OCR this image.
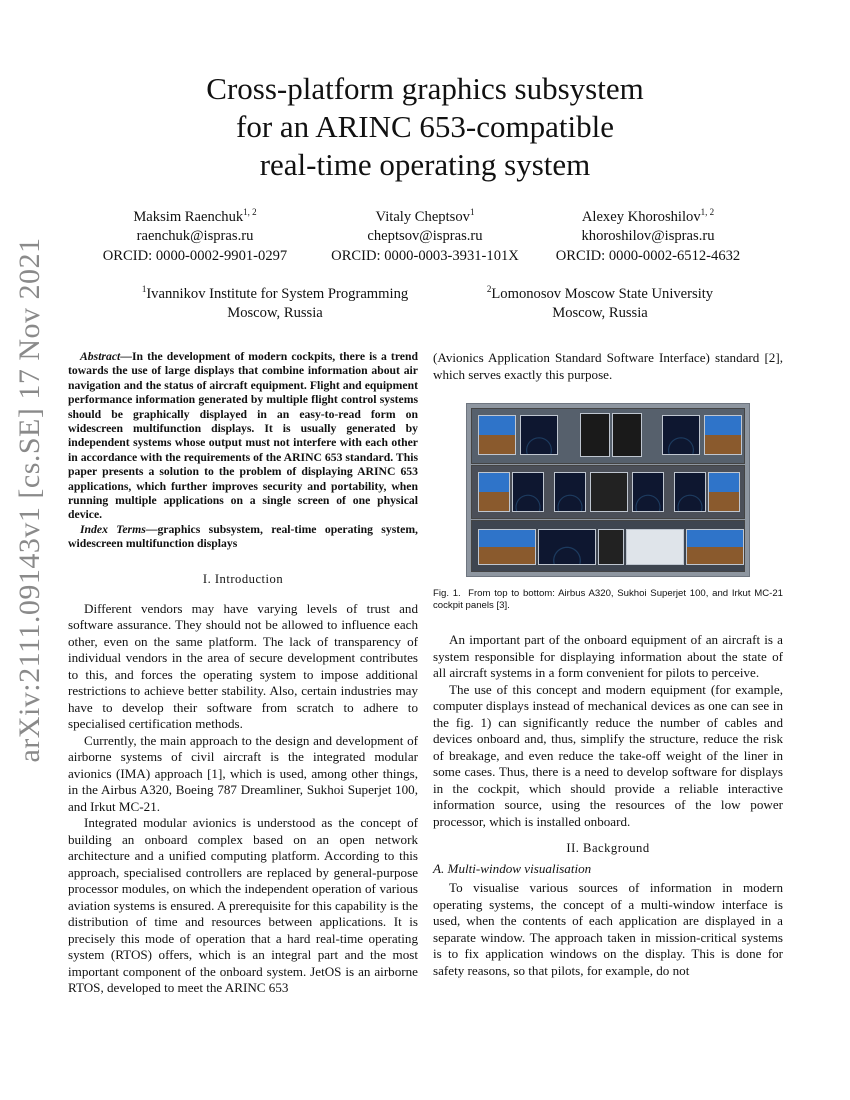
arXiv:2111.09143v1 [cs.SE] 17 Nov 2021
Cross-platform graphics subsystem
for an ARINC 653-compatible
real-time operating system
Maksim Raenchuk$^{1, 2}$
raenchuk@ispras.ru
ORCID: 0000-0002-9901-0297
Vitaly Cheptsov$^1$
cheptsov@ispras.ru
ORCID: 0000-0003-3931-101X
Alexey Khoroshilov$^{1, 2}$
khoroshilov@ispras.ru
ORCID: 0000-0002-6512-4632
$^1$Ivannikov Institute for System Programming
Moscow, Russia
$^2$Lomonosov Moscow State University
Moscow, Russia

Abstract—In the development of modern cockpits, there is a trend towards the use of large displays that combine information about air navigation and the status of aircraft equipment. Flight and equipment performance information generated by multiple flight control systems should be graphically displayed in an easy-to-read form on widescreen multifunction displays. It is usually generated by independent systems whose output must not interfere with each other in accordance with the requirements of the ARINC 653 standard. This paper presents a solution to the problem of displaying ARINC 653 applications, which further improves security and portability, when running multiple applications on a single screen of one physical device.

Index Terms—graphics subsystem, real-time operating system, widescreen multifunction displays

I. Introduction

Different vendors may have varying levels of trust and software assurance. They should not be allowed to influence each other, even on the same platform. The lack of transparency of individual vendors in the area of secure development contributes to this, and forces the operating system to impose additional restrictions to achieve better stability. Also, certain industries may have to develop their software from scratch to adhere to specialised certification methods.

Currently, the main approach to the design and development of airborne systems of civil aircraft is the integrated modular avionics (IMA) approach [1], which is used, among other things, in the Airbus A320, Boeing 787 Dreamliner, Sukhoi Superjet 100, and Irkut MC-21.

Integrated modular avionics is understood as the concept of building an onboard complex based on an open network architecture and a unified computing platform. According to this approach, specialised controllers are replaced by general-purpose processor modules, on which the independent operation of various aviation systems is ensured. A prerequisite for this capability is the distribution of time and resources between applications. It is precisely this mode of operation that a hard real-time operating system (RTOS) offers, which is an integral part and the most important component of the onboard system. JetOS is an airborne RTOS, developed to meet the ARINC 653

(Avionics Application Standard Software Interface) standard [2], which serves exactly this purpose.

Fig. 1. From top to bottom: Airbus A320, Sukhoi Superjet 100, and Irkut MC-21 cockpit panels [3].

An important part of the onboard equipment of an aircraft is a system responsible for displaying information about the state of all aircraft systems in a form convenient for pilots to perceive.

The use of this concept and modern equipment (for example, computer displays instead of mechanical devices as one can see in the fig. 1) can significantly reduce the number of cables and devices onboard and, thus, simplify the structure, reduce the risk of breakage, and even reduce the take-off weight of the liner in some cases. Thus, there is a need to develop software for displays in the cockpit, which should provide a reliable interactive information source, using the resources of the low power processor, which is installed onboard.

II. Background

A. Multi-window visualisation

To visualise various sources of information in modern operating systems, the concept of a multi-window interface is used, when the contents of each application are displayed in a separate window. The approach taken in mission-critical systems is to fix application windows on the display. This is done for safety reasons, so that pilots, for example, do not
